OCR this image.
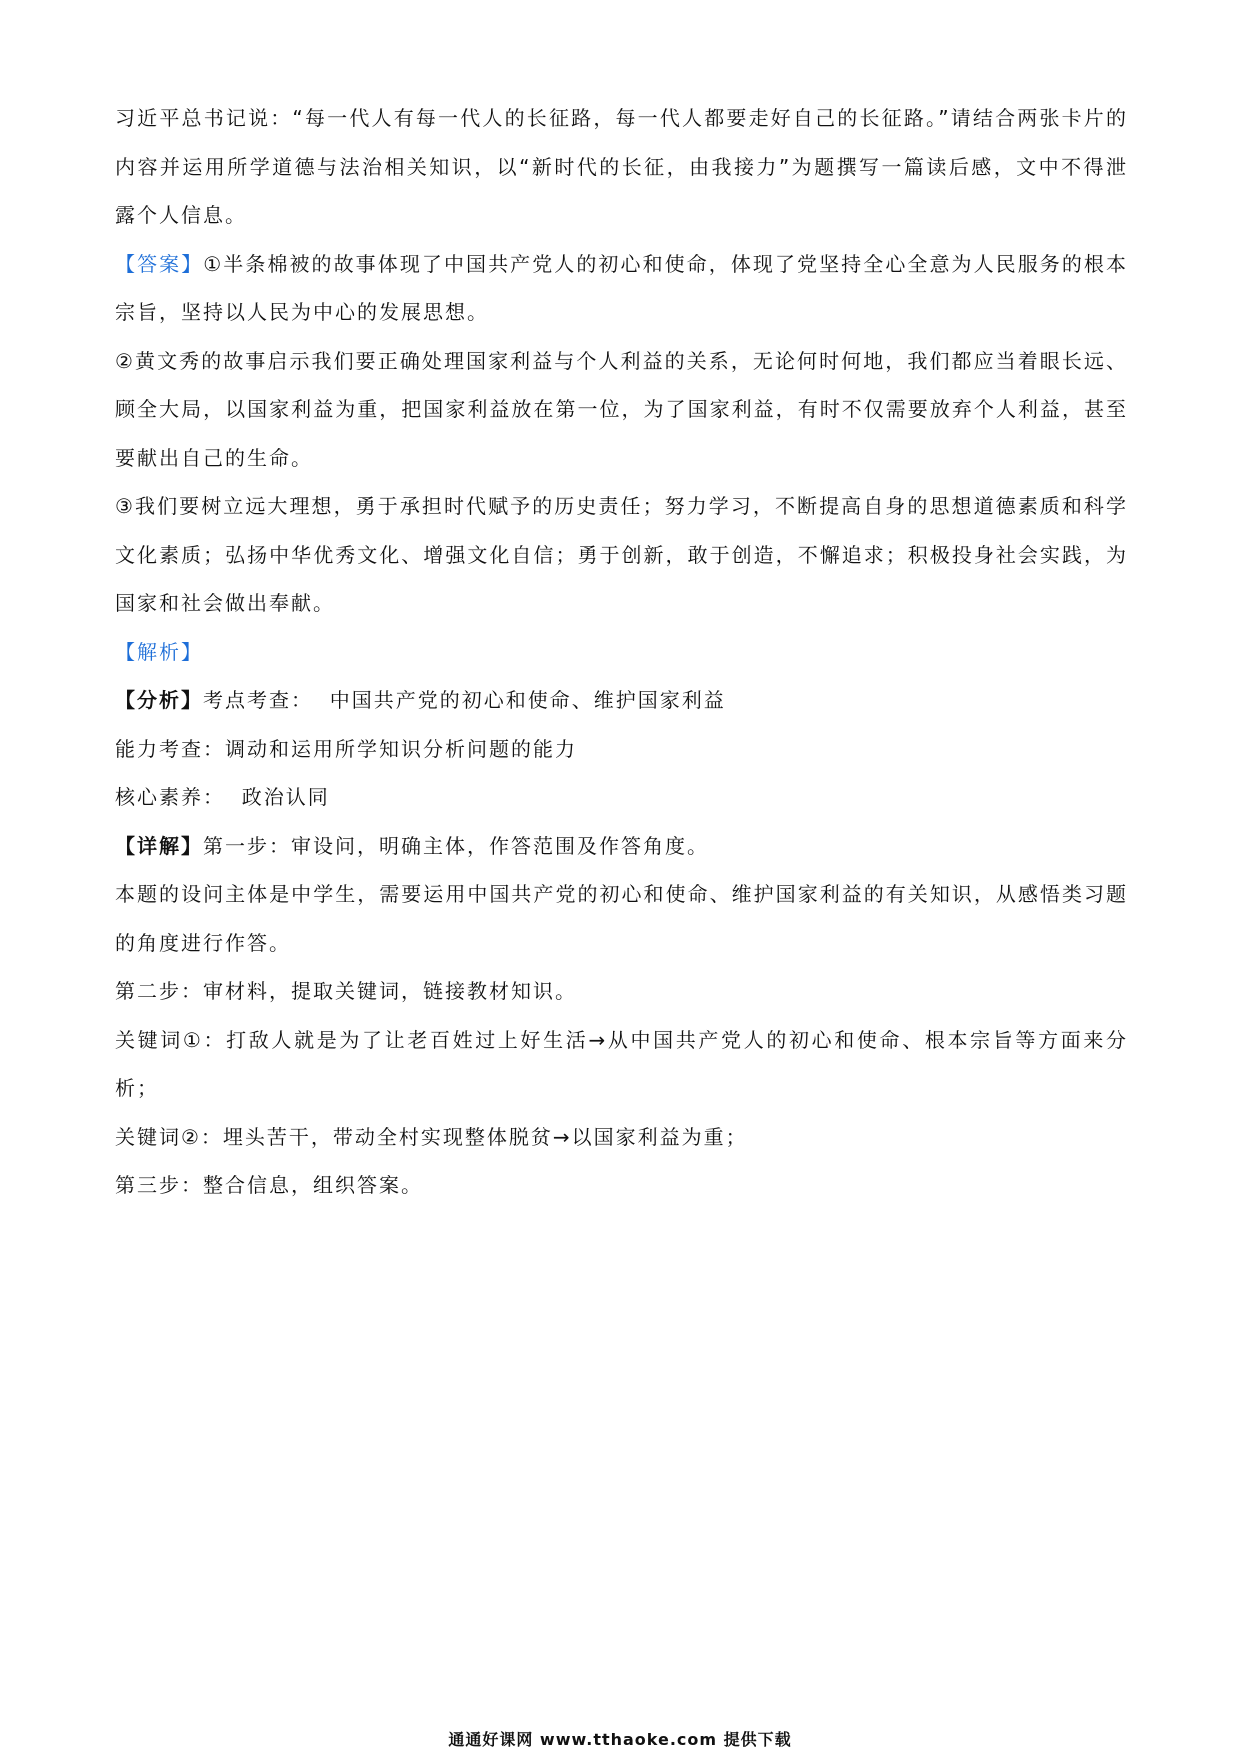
习近平总书记说：“每一代人有每一代人的长征路，每一代人都要走好自己的长征路。”请结合两张卡片的内容并运用所学道德与法治相关知识，以“新时代的长征，由我接力”为题撰写一篇读后感，文中不得泄露个人信息。

【答案】①半条棉被的故事体现了中国共产党人的初心和使命，体现了党坚持全心全意为人民服务的根本宗旨，坚持以人民为中心的发展思想。

②黄文秀的故事启示我们要正确处理国家利益与个人利益的关系，无论何时何地，我们都应当着眼长远、顾全大局，以国家利益为重，把国家利益放在第一位，为了国家利益，有时不仅需要放弃个人利益，甚至要献出自己的生命。

③我们要树立远大理想，勇于承担时代赋予的历史责任；努力学习，不断提高自身的思想道德素质和科学文化素质；弘扬中华优秀文化、增强文化自信；勇于创新，敢于创造，不懈追求；积极投身社会实践，为国家和社会做出奉献。

【解析】

【分析】考点考查：  中国共产党的初心和使命、维护国家利益

能力考查：调动和运用所学知识分析问题的能力

核心素养：  政治认同

【详解】第一步：审设问，明确主体，作答范围及作答角度。

本题的设问主体是中学生，需要运用中国共产党的初心和使命、维护国家利益的有关知识，从感悟类习题的角度进行作答。

第二步：审材料，提取关键词，链接教材知识。

关键词①：打敌人就是为了让老百姓过上好生活→从中国共产党人的初心和使命、根本宗旨等方面来分析；

关键词②：埋头苦干，带动全村实现整体脱贫→以国家利益为重；

第三步：整合信息，组织答案。

通通好课网 www.tthaoke.com 提供下载
